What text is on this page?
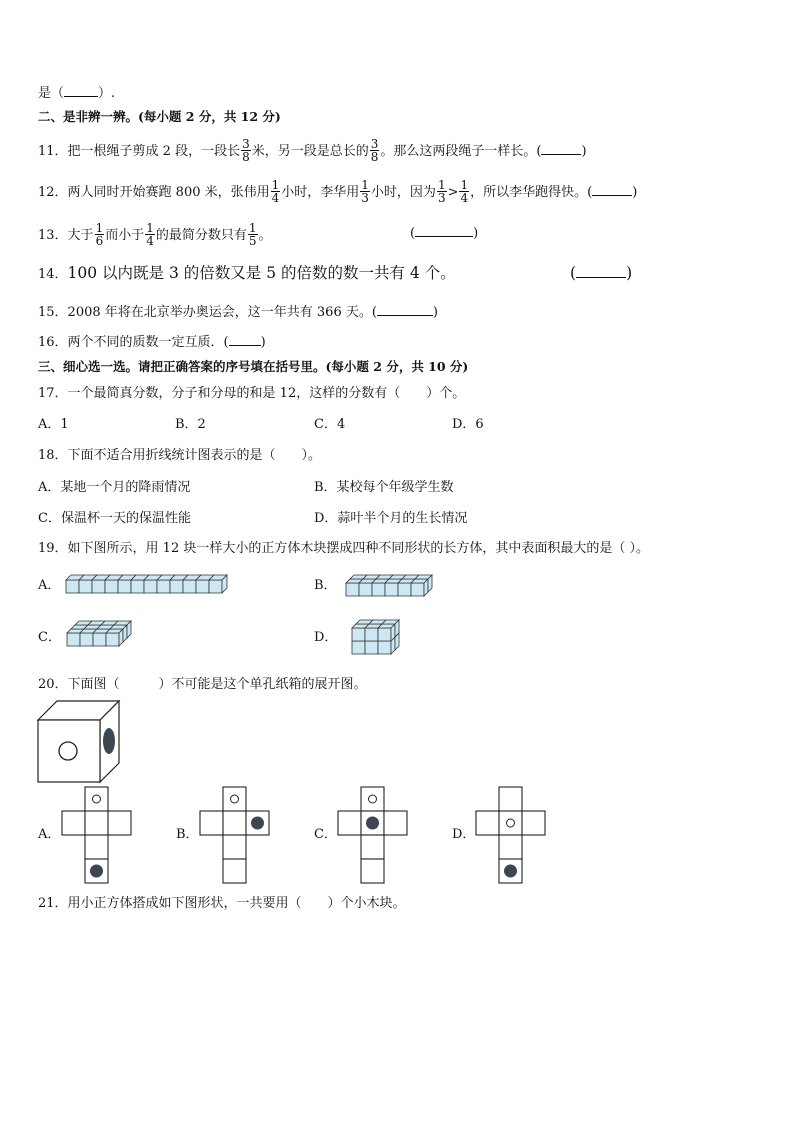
是（	）.
二、是非辨一辨。(每小题 2 分，共 12 分)
11．把一根绳子剪成 2 段，一段长 $\frac{3}{8}$ 米，另一段是总长的 $\frac{3}{8}$ 。那么这两段绳子一样长。(	)
12．两人同时开始赛跑 800 米，张伟用 $\frac{1}{4}$ 小时，李华用 $\frac{1}{3}$ 小时，因为 $\frac{1}{3} > \frac{1}{4}$ ，所以李华跑得快。(	)
13．大于 $\frac{1}{6}$ 而小于 $\frac{1}{4}$ 的最简分数只有 $\frac{1}{5}$ 。	(	)
14．100 以内既是 3 的倍数又是 5 的倍数的数一共有 4 个。	(	)
15．2008 年将在北京举办奥运会，这一年共有 366 天。(	)
16．两个不同的质数一定互质．( )
三、细心选一选。请把正确答案的序号填在括号里。(每小题 2 分，共 10 分)
17．一个最简真分数，分子和分母的和是 12，这样的分数有（　　）个。
A．1	B．2	C．4	D．6
18．下面不适合用折线统计图表示的是（　　）。
A．某地一个月的降雨情况	B．某校每个年级学生数
C．保温杯一天的保温性能	D．蒜叶半个月的生长情况
19．如下图所示，用 12 块一样大小的正方体木块摆成四种不同形状的长方体，其中表面积最大的是（ ）。
A．	B．
C．	D．
20．下面图（　　　）不可能是这个单孔纸箱的展开图。
A．	B．	C．	D．
21．用小正方体搭成如下图形状，一共要用（　　）个小木块。
